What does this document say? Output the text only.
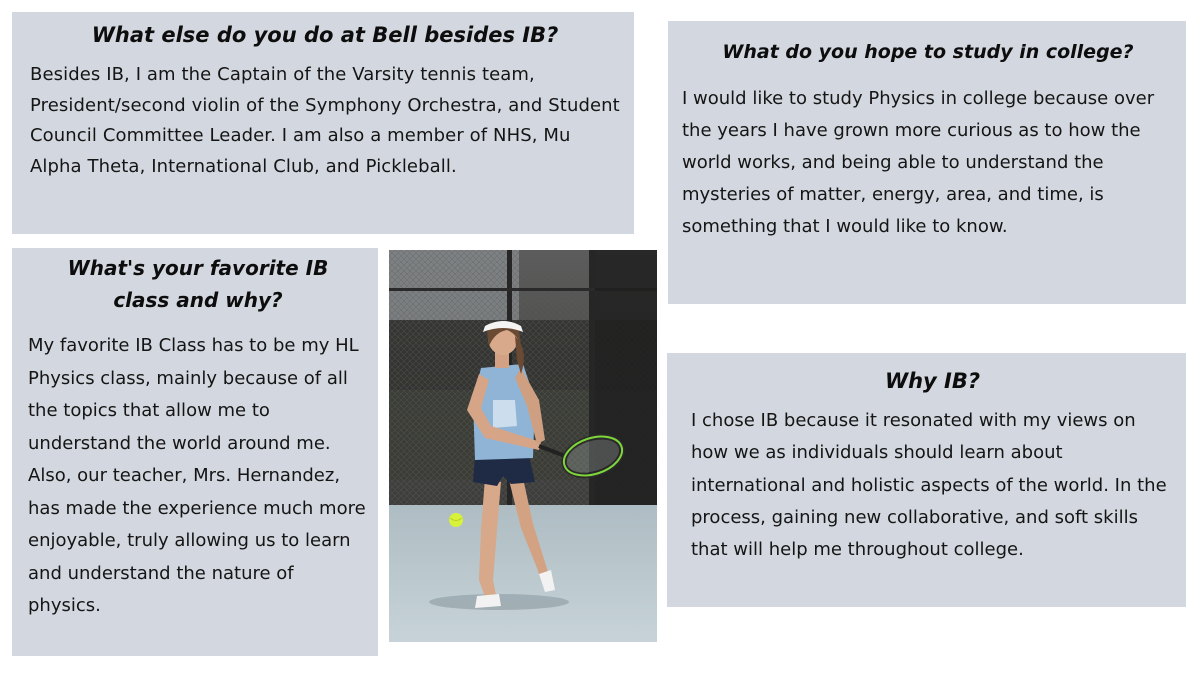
What else do you do at Bell besides IB?

Besides IB, I am the Captain of the Varsity tennis team, President/second violin of the Symphony Orchestra, and Student Council Committee Leader. I am also a member of NHS, Mu Alpha Theta, International Club, and Pickleball.

What do you hope to study in college?

I would like to study Physics in college because over the years I have grown more curious as to how the world works, and being able to understand the mysteries of matter, energy, area, and time, is something that I would like to know.

What's your favorite IB class and why?

My favorite IB Class has to be my HL Physics class, mainly because of all the topics that allow me to understand the world around me. Also, our teacher, Mrs. Hernandez, has made the experience much more enjoyable, truly allowing us to learn and understand the nature of physics.

Why IB?

I chose IB because it resonated with my views on how we as individuals should learn about international and holistic aspects of the world. In the process, gaining new collaborative, and soft skills that will help me throughout college.
